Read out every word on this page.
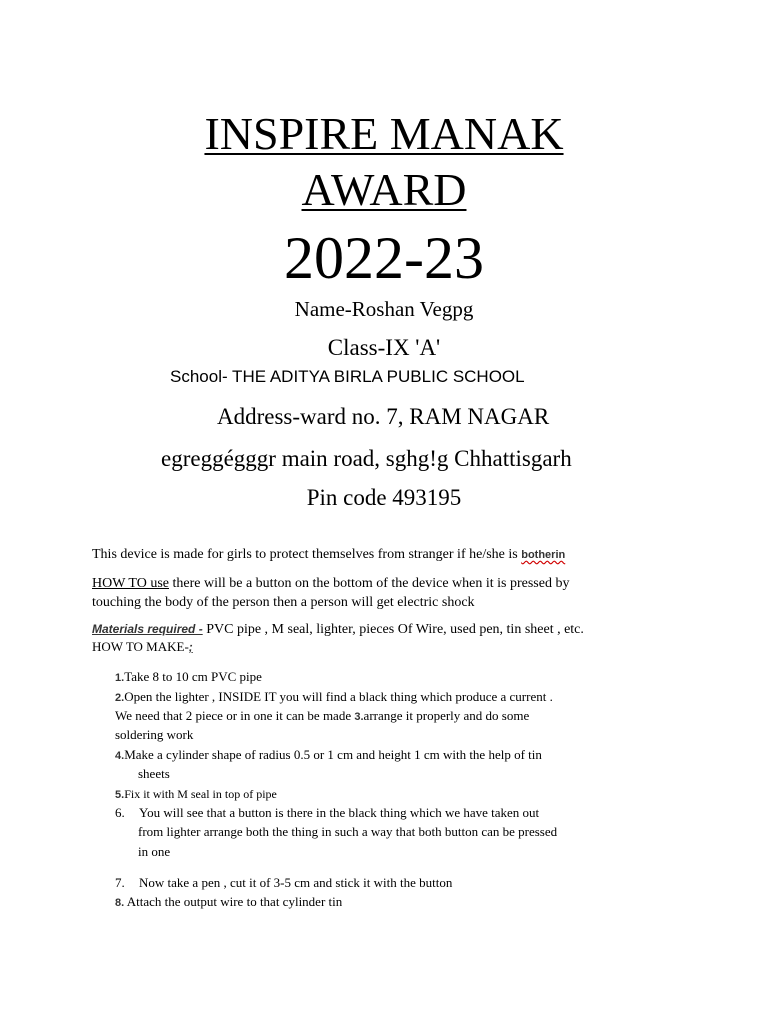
INSPIRE MANAK
AWARD
2022-23
Name-Roshan Vegpg
Class-IX 'A'
School- THE ADITYA BIRLA PUBLIC SCHOOL
Address-ward no. 7, RAM NAGAR
egreggégggr main road, sghg!g Chhattisgarh
Pin code 493195
This device is made for girls to protect themselves from stranger if he/she is botherin
HOW TO use there will be a button on the bottom of the device when it is pressed by
touching the body of the person then a person will get electric shock
Materials required - PVC pipe , M seal, lighter, pieces Of Wire, used pen, tin sheet , etc.
HOW TO MAKE-;
1.Take 8 to 10 cm PVC pipe
2.Open the lighter , INSIDE IT you will find a black thing which produce a current .
We need that 2 piece or in one it can be made 3.arrange it properly and do some
soldering work
4.Make a cylinder shape of radius 0.5 or 1 cm and height 1 cm with the help of tin
sheets
5.Fix it with M seal in top of pipe
6. You will see that a button is there in the black thing which we have taken out
from lighter arrange both the thing in such a way that both button can be pressed
in one
7. Now take a pen , cut it of 3-5 cm and stick it with the button
8. Attach the output wire to that cylinder tin
